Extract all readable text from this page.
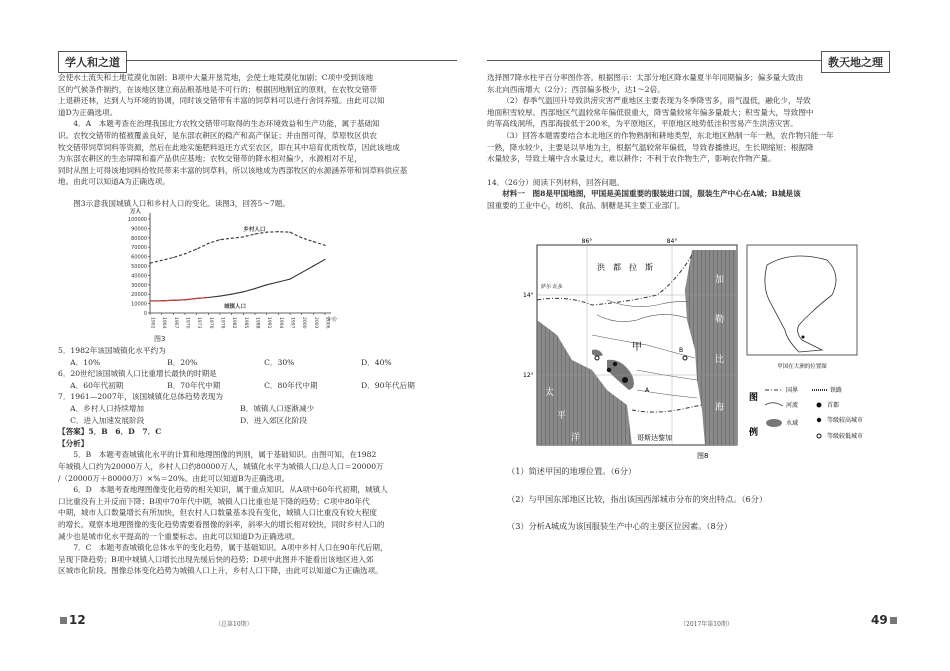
学人和之道

会使水土流失和土地荒漠化加剧；B项中大量开垦荒地，会使土地荒漠化加剧；C项中受到该地

区的气候条件制约，在该地区建立商品粮基地是不可行的；根据因地制宜的原则，在农牧交错带

上退耕还林，达到人与环境的协调，同时该交错带有丰富的饲草料可以进行舍饲养殖。由此可以知

道D为正确选项。

4．A　本题考查在治理我国北方农牧交错带可取得的生态环境效益和生产功能，属于基础知

识。农牧交错带的植被覆盖良好，是东部农耕区的稳产和高产保证；并由图可得，草原牧区供农

牧交错带饲草饲料等资源，然后在此地实施肥料返还方式至农区，即在其中培育优质牧草，因此该地成

为东部农耕区的生态屏障和畜产品供应基地；农牧交错带的降水相对偏少，水源相对不足，

同时从图上可得该地饲料给牧民带来丰富的饲草料，所以该地成为西部牧区的水源涵养带和饲草料供应基

地。由此可以知道A为正确选项。

图3示意我国城镇人口和乡村人口的变化。读图3，回答5～7题。

0
10000
20000
30000
40000
50000
60000
70000
80000
90000
100000
万人
1961 1964 1967 1970 1973 1976 1979 1982 1985 1988 1991 1994 1997 2000 2003 2006
年份
乡村人口
城镇人口
图3

5．1982年该国城镇化水平约为

A．10%	B．20%	C．30%	D．40%

6．20世纪该国城镇人口比重增长最快的时期是

A．60年代初期	B．70年代中期	C．80年代中期	D．90年代后期

7．1961—2007年，该国城镇化总体趋势表现为

A．乡村人口持续增加	B．城镇人口逐渐减少
C．进入加速发展阶段	D．进入郊区化阶段

【答案】5．B　6．D　7．C

【分析】

5．B　本题考查城镇化水平的计算和地理图像的判别，属于基础知识。由图可知，在1982

年城镇人口约为20000万人，乡村人口约80000万人，城镇化水平为城镇人口/总人口＝20000万

/（20000万＋80000万）×%＝20%。由此可以知道B为正确选项。

6．D　本题考查地理图像变化趋势的相关知识，属于重点知识。从A项中60年代初期，城镇人

口比重没有上升反而下降；B项中70年代中期，城镇人口比重也是下降的趋势；C项中80年代

中期，城市人口数量增长有所加快，但农村人口数量基本没有变化，城镇人口比重没有较大程度

的增长。观察本地理图像的变化趋势需要看图像的斜率，斜率大的增长相对较快，同时乡村人口的

减少也是城市化水平提高的一个重要标志。由此可以知道D为正确选项。

7．C　本题考查城镇化总体水平的变化趋势，属于基础知识。A项中乡村人口在90年代后期，

呈现下降趋势；B项中城镇人口增长出现先缓后快的趋势；D项中此图并不能看出该地区进入郊

区城市化阶段。图像总体变化趋势为城镇人口上升，乡村人口下降，由此可以知道C为正确选项。

12	（总第10期）
教天地之理

选择图7降水柱平百分率图作答。根据图示：太部分地区降水量夏半年同期偏多；偏多量大致由

东北向西南增大（2分）；西部偏多极少，达1～2倍。

（2）春季气温回升导致洪涝灾害严重地区主要表现为冬季降雪多，雨气温低，融化少，导致

地面积雪较厚。西部地区气温较常年偏低很重大，降雪量较常年偏多量最大；积雪量大，导致图中

的等高线洞所，西部海拔低于200米，为平原地区，平原地区地势低洼积雪易产生洪涝灾害。

（3）回答本题需要结合本北地区的作物熟制和耕地类型，东北地区熟制一年一熟，农作物只能一年

一熟，降水较少，主要是以旱地为主，根据气温较常年偏低，导致春播推迟，生长期缩短；根据降

水量较多，导致土壤中含水量过大，难以耕作；不利于农作物生产，影响农作物产量。

14．（26分）阅读下列材料，回答问题。

材料一　图8是甲国地图，甲国是美国重要的服装进口国，服装生产中心在A城；B城是该

国重要的工业中心，纺织、食品、制糖是其主要工业部门。

86°	84°
14°
12°
洪　都　拉　斯
萨尔 瓦多
加
勒
比
海
太
平
洋	哥斯达黎加
甲
A
B
甲国在大洲的位置图
图
例
国界	铁路
河流	首都
水域	等级较高城市
等级较低城市
图8

（1）简述甲国的地理位置。（6分）

（2）与甲国东部地区比较，指出该国西部城市分布的突出特点。（6分）

（3）分析A城成为该国服装生产中心的主要区位因素。（8分）

49
（2017年第10期）
